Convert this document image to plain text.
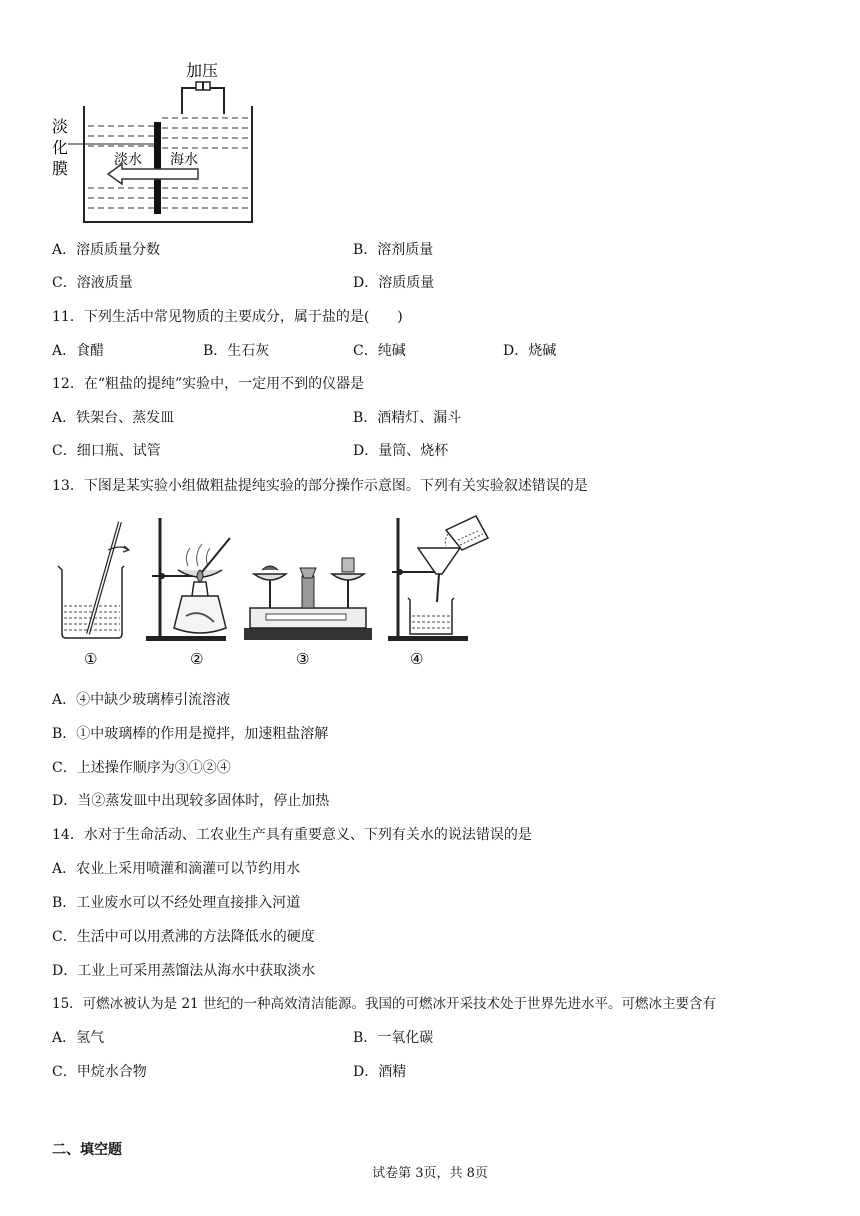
加压
淡
化
膜	淡水 海水
A．溶质质量分数	B．溶剂质量
C．溶液质量	D．溶质质量
11．下列生活中常见物质的主要成分，属于盐的是(　　)
A．食醋	B．生石灰	C．纯碱	D．烧碱
12．在“粗盐的提纯”实验中，一定用不到的仪器是
A．铁架台、蒸发皿	B．酒精灯、漏斗
C．细口瓶、试管	D．量筒、烧杯
13．下图是某实验小组做粗盐提纯实验的部分操作示意图。下列有关实验叙述错误的是
①	②	③	④
A．④中缺少玻璃棒引流溶液
B．①中玻璃棒的作用是搅拌，加速粗盐溶解
C．上述操作顺序为③①②④
D．当②蒸发皿中出现较多固体时，停止加热
14．水对于生命活动、工农业生产具有重要意义、下列有关水的说法错误的是
A．农业上采用喷灌和滴灌可以节约用水
B．工业废水可以不经处理直接排入河道
C．生活中可以用煮沸的方法降低水的硬度
D．工业上可采用蒸馏法从海水中获取淡水
15．可燃冰被认为是 21 世纪的一种高效清洁能源。我国的可燃冰开采技术处于世界先进水平。可燃冰主要含有
A．氢气	B．一氧化碳
C．甲烷水合物	D．酒精
二、填空题
试卷第 3页，共 8页
